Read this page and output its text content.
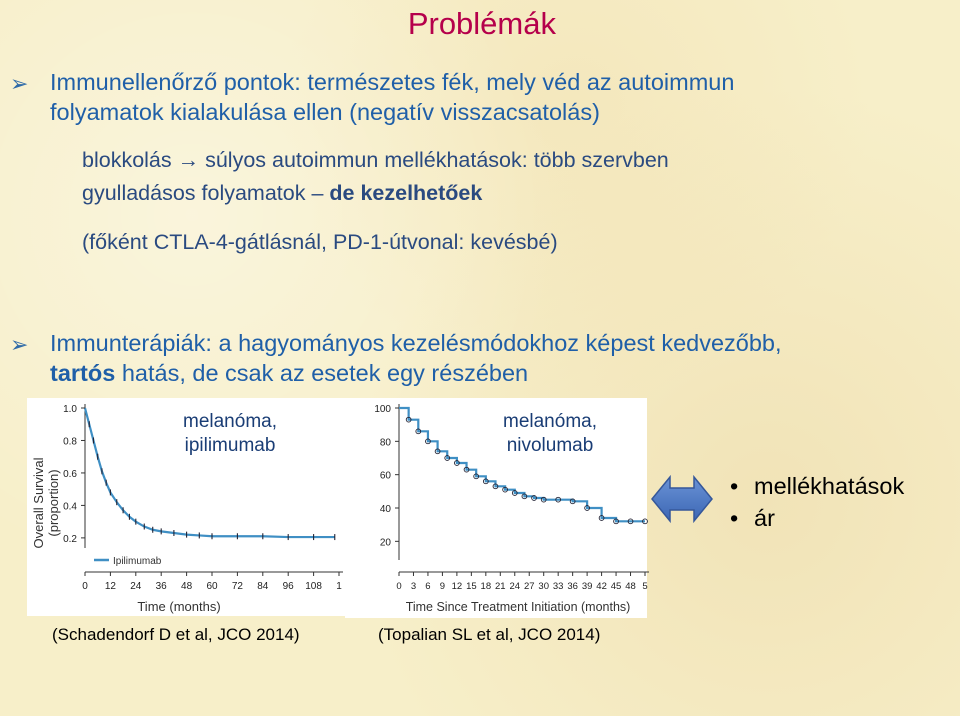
Problémák
➢ Immunellenőrző pontok: természetes fék, mely véd az autoimmun
folyamatok kialakulása ellen (negatív visszacsatolás)
blokkolás → súlyos autoimmun mellékhatások: több szervben
gyulladásos folyamatok – de kezelhetőek
(főként CTLA-4-gátlásnál, PD-1-útvonal: kevésbé)
➢ Immunterápiák: a hagyományos kezelésmódokhoz képest kedvezőbb,
tartós hatás, de csak az esetek egy részében
1.0
0.8
0.6
0.4
0.2
0 12 24 36 48 60 72 84 96 108 1
Ipilimumab
Time (months)
Overall Survival (proportion)
melanóma,
ipilimumab
100
80
60
40
20
0 3 6 9 12 15 18 21 24 27 30 33 36 39 42 45 48 5
Time Since Treatment Initiation (months)
melanóma,
nivolumab
(Schadendorf D et al, JCO 2014)	(Topalian SL et al, JCO 2014)
• mellékhatások
• ár
